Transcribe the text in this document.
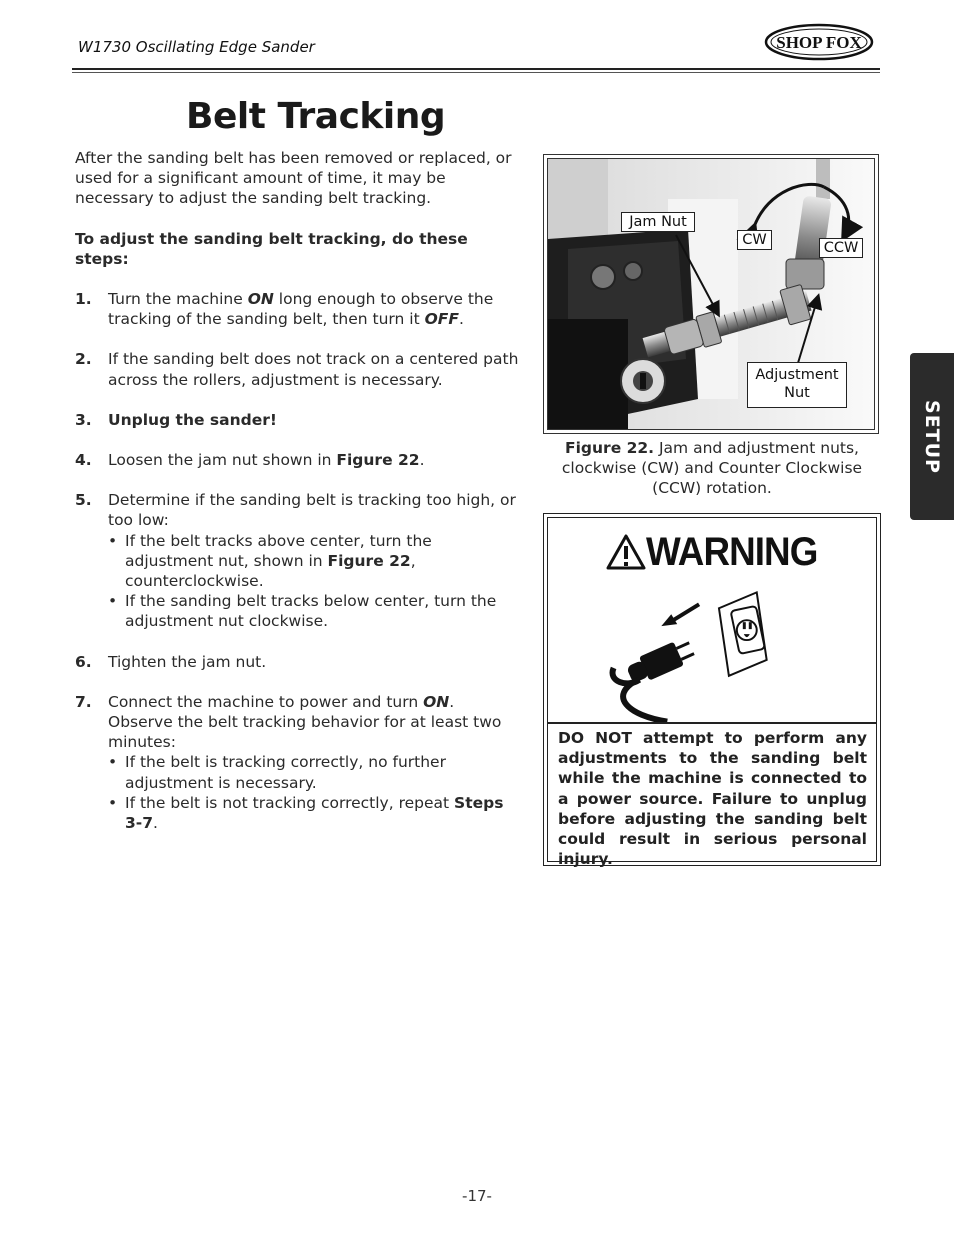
W1730 Oscillating Edge Sander	SHOP FOX
Belt Tracking

After the sanding belt has been removed or replaced, or used for a significant amount of time, it may be necessary to adjust the sanding belt tracking.

To adjust the sanding belt tracking, do these steps:

1.	Turn the machine ON long enough to observe the tracking of the sanding belt, then turn it OFF.
2.	If the sanding belt does not track on a centered path across the rollers, adjustment is necessary.
3.	Unplug the sander!
4.	Loosen the jam nut shown in Figure 22.
5.	Determine if the sanding belt is tracking too high, or too low:
• If the belt tracks above center, turn the adjustment nut, shown in Figure 22, counterclockwise.
• If the sanding belt tracks below center, turn the adjustment nut clockwise.
6.	Tighten the jam nut.
7.	Connect the machine to power and turn ON. Observe the belt tracking behavior for at least two minutes:
• If the belt is tracking correctly, no further adjustment is necessary.
• If the belt is not tracking correctly, repeat Steps 3-7.
Jam Nut
CW	CCW
Adjustment
Nut
Figure 22. Jam and adjustment nuts, clockwise (CW) and Counter Clockwise (CCW) rotation.
WARNING
DO NOT attempt to perform any adjustments to the sanding belt while the machine is connected to a power source. Failure to unplug before adjusting the sanding belt could result in serious personal injury.
SETUP
-17-
